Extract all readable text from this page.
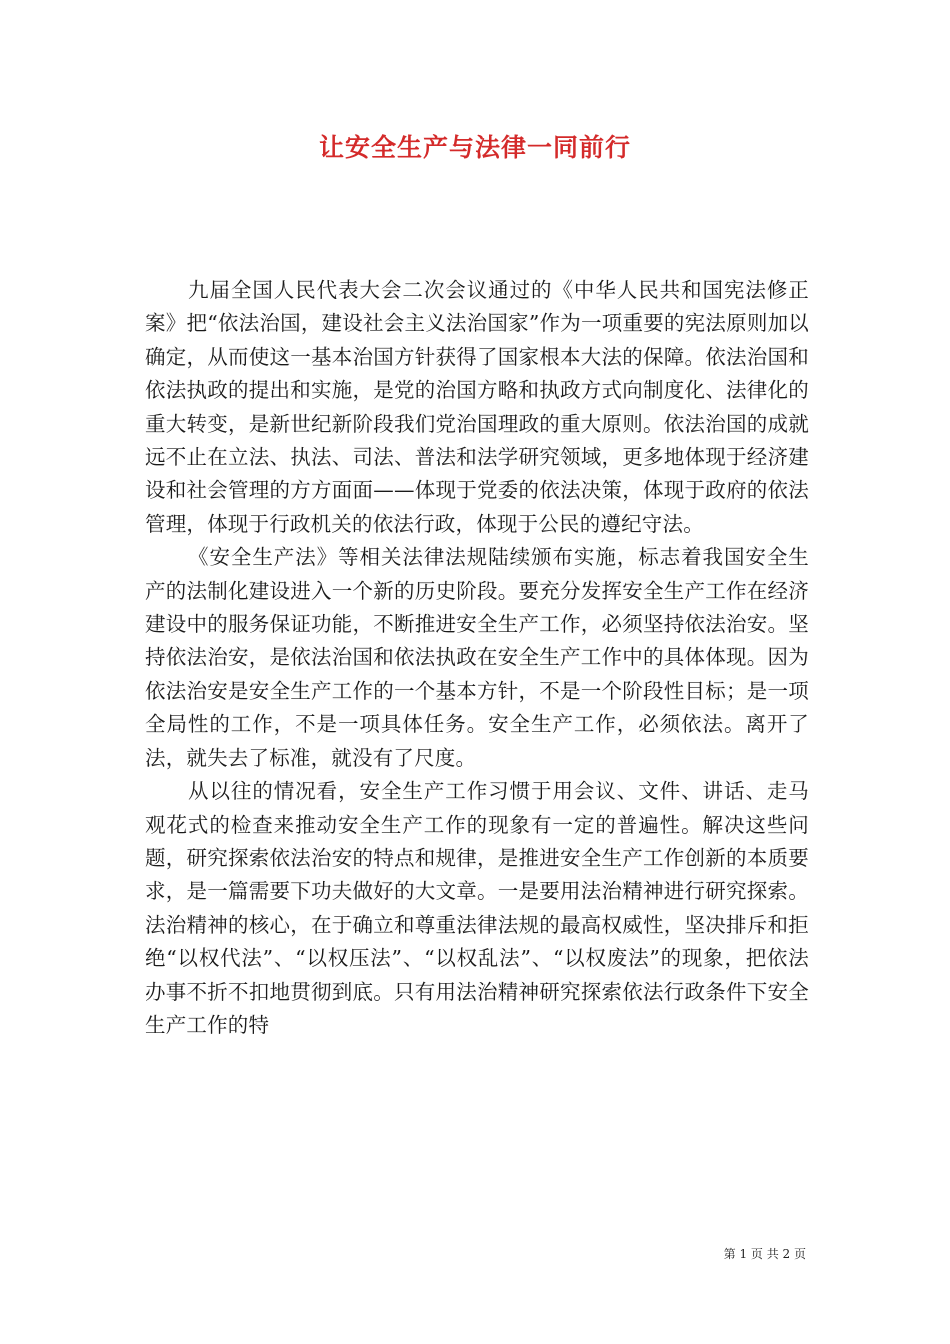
让安全生产与法律一同前行

九届全国人民代表大会二次会议通过的《中华人民共和国宪法修正案》把“依法治国，建设社会主义法治国家”作为一项重要的宪法原则加以确定，从而使这一基本治国方针获得了国家根本大法的保障。依法治国和依法执政的提出和实施，是党的治国方略和执政方式向制度化、法律化的重大转变，是新世纪新阶段我们党治国理政的重大原则。依法治国的成就远不止在立法、执法、司法、普法和法学研究领域，更多地体现于经济建设和社会管理的方方面面——体现于党委的依法决策，体现于政府的依法管理，体现于行政机关的依法行政，体现于公民的遵纪守法。

《安全生产法》等相关法律法规陆续颁布实施，标志着我国安全生产的法制化建设进入一个新的历史阶段。要充分发挥安全生产工作在经济建设中的服务保证功能，不断推进安全生产工作，必须坚持依法治安。坚持依法治安，是依法治国和依法执政在安全生产工作中的具体体现。因为依法治安是安全生产工作的一个基本方针，不是一个阶段性目标；是一项全局性的工作，不是一项具体任务。安全生产工作，必须依法。离开了法，就失去了标准，就没有了尺度。

从以往的情况看，安全生产工作习惯于用会议、文件、讲话、走马观花式的检查来推动安全生产工作的现象有一定的普遍性。解决这些问题，研究探索依法治安的特点和规律，是推进安全生产工作创新的本质要求，是一篇需要下功夫做好的大文章。一是要用法治精神进行研究探索。法治精神的核心，在于确立和尊重法律法规的最高权威性，坚决排斥和拒绝“以权代法”、“以权压法”、“以权乱法”、“以权废法”的现象，把依法办事不折不扣地贯彻到底。只有用法治精神研究探索依法行政条件下安全生产工作的特

第 1 页 共 2 页
